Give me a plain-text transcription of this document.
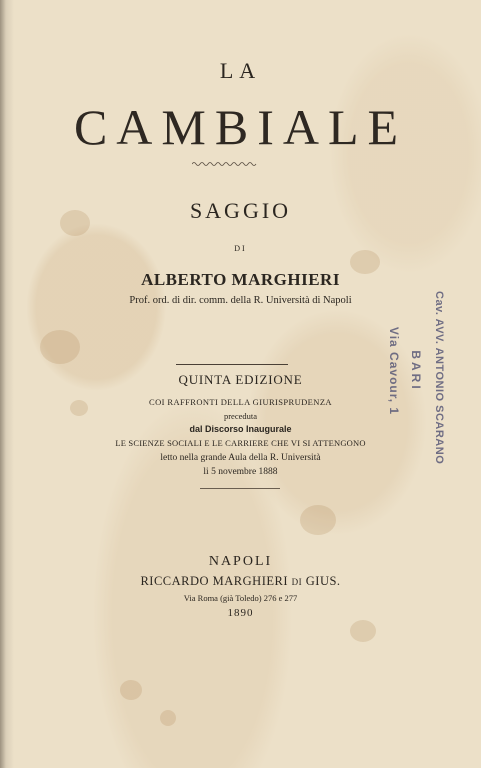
LA
CAMBIALE
SAGGIO
DI
ALBERTO MARGHIERI
Prof. ord. di dir. comm. della R. Università di Napoli
QUINTA EDIZIONE
COI RAFFRONTI DELLA GIURISPRUDENZA
preceduta
dal Discorso Inaugurale
LE SCIENZE SOCIALI E LE CARRIERE CHE VI SI ATTENGONO
letto nella grande Aula della R. Università
li 5 novembre 1888
NAPOLI
RICCARDO MARGHIERI DI GIUS.
Via Roma (già Toledo) 276 e 277
1890
Cav. AVV. ANTONIO SCARANO
BARI
Via Cavour, 1
